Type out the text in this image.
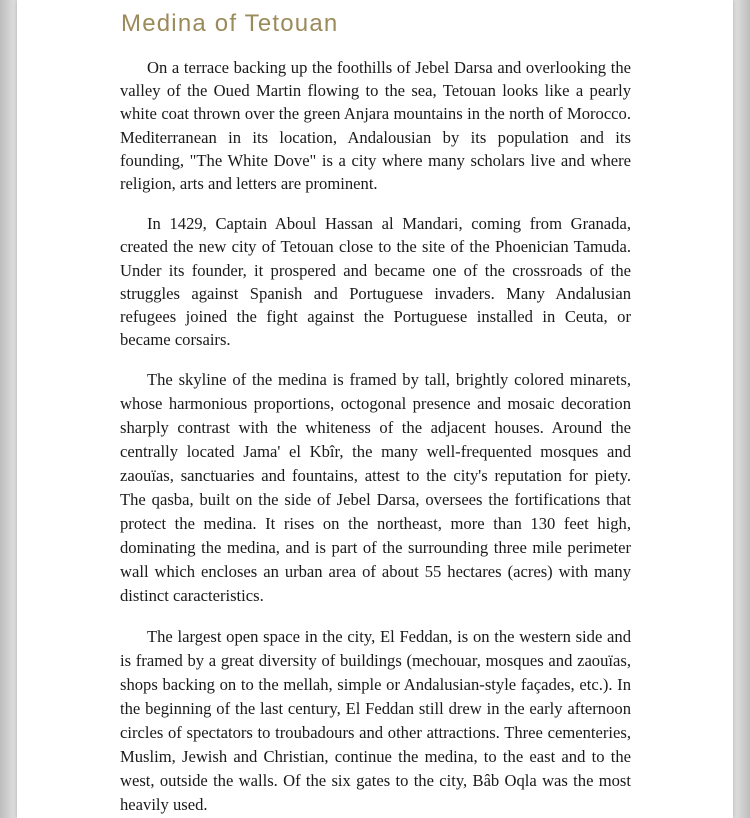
Medina of Tetouan

On a terrace backing up the foothills of Jebel Darsa and overlooking the valley of the Oued Martin flowing to the sea, Tetouan looks like a pearly white coat thrown over the green Anjara mountains in the north of Morocco. Mediterranean in its location, Andalousian by its population and its founding, "The White Dove" is a city where many scholars live and where religion, arts and letters are prominent.

In 1429, Captain Aboul Hassan al Mandari, coming from Granada, created the new city of Tetouan close to the site of the Phoenician Tamuda. Under its founder, it prospered and became one of the crossroads of the struggles against Spanish and Portuguese invaders. Many Andalusian refugees joined the fight against the Portuguese installed in Ceuta, or became corsairs.

The skyline of the medina is framed by tall, brightly colored minarets, whose harmonious proportions, octogonal presence and mosaic decoration sharply contrast with the whiteness of the adjacent houses. Around the centrally located Jama' el Kbîr, the many well-frequented mosques and zaouïas, sanctuaries and fountains, attest to the city's reputation for piety. The qasba, built on the side of Jebel Darsa, oversees the fortifications that protect the medina. It rises on the northeast, more than 130 feet high, dominating the medina, and is part of the surrounding three mile perimeter wall which encloses an urban area of about 55 hectares (acres) with many distinct caracteristics.

The largest open space in the city, El Feddan, is on the western side and is framed by a great diversity of buildings (mechouar, mosques and zaouïas, shops backing on to the mellah, simple or Andalusian-style façades, etc.). In the beginning of the last century, El Feddan still drew in the early afternoon circles of spectators to troubadours and other attractions. Three cementeries, Muslim, Jewish and Christian, continue the medina, to the east and to the west, outside the walls. Of the six gates to the city, Bâb Oqla was the most heavily used.
